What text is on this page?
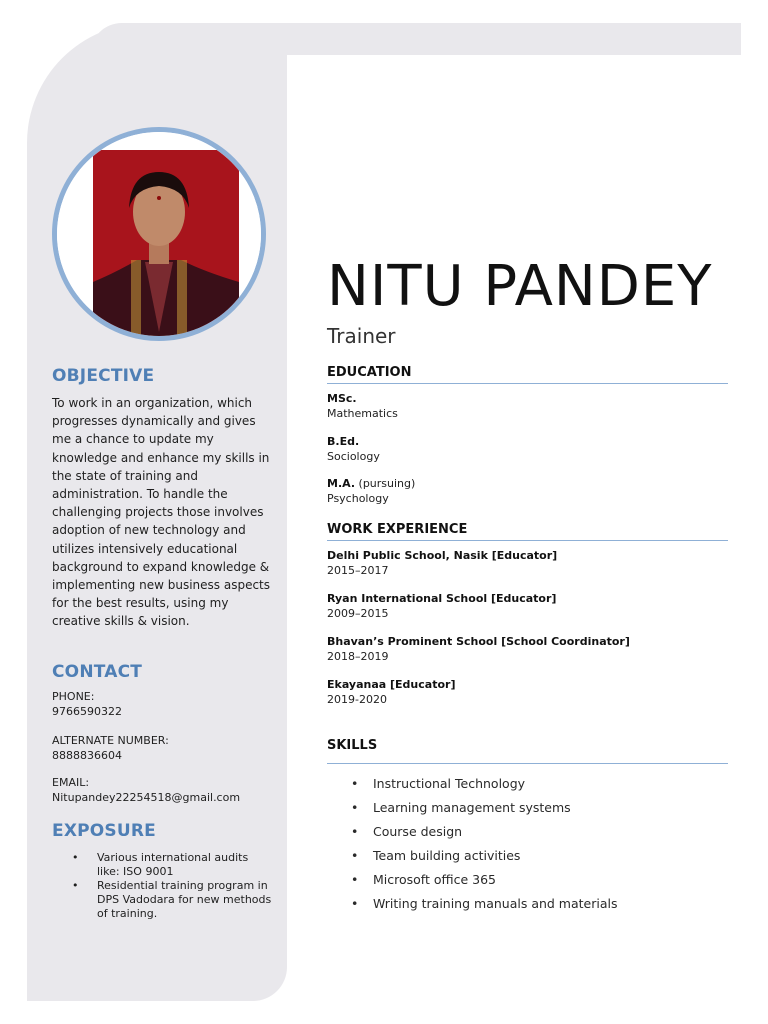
OBJECTIVE

To work in an organization, which progresses dynamically and gives me a chance to update my knowledge and enhance my skills in the state of training and administration. To handle the challenging projects those involves adoption of new technology and utilizes intensively educational background to expand knowledge & implementing new business aspects for the best results, using my creative skills & vision.

CONTACT
PHONE:
9766590322
ALTERNATE NUMBER:
8888836604
EMAIL:
Nitupandey22254518@gmail.com
EXPOSURE
• Various international audits like: ISO 9001
• Residential training program in DPS Vadodara for new methods of training.
NITU PANDEY
Trainer
EDUCATION
MSc.
Mathematics
B.Ed.
Sociology
M.A. (pursuing)
Psychology
WORK EXPERIENCE
Delhi Public School, Nasik [Educator]
2015–2017
Ryan International School [Educator]
2009–2015
Bhavan’s Prominent School [School Coordinator]
2018–2019
Ekayanaa [Educator]
2019-2020
SKILLS
• Instructional Technology
• Learning management systems
• Course design
• Team building activities
• Microsoft office 365
• Writing training manuals and materials
